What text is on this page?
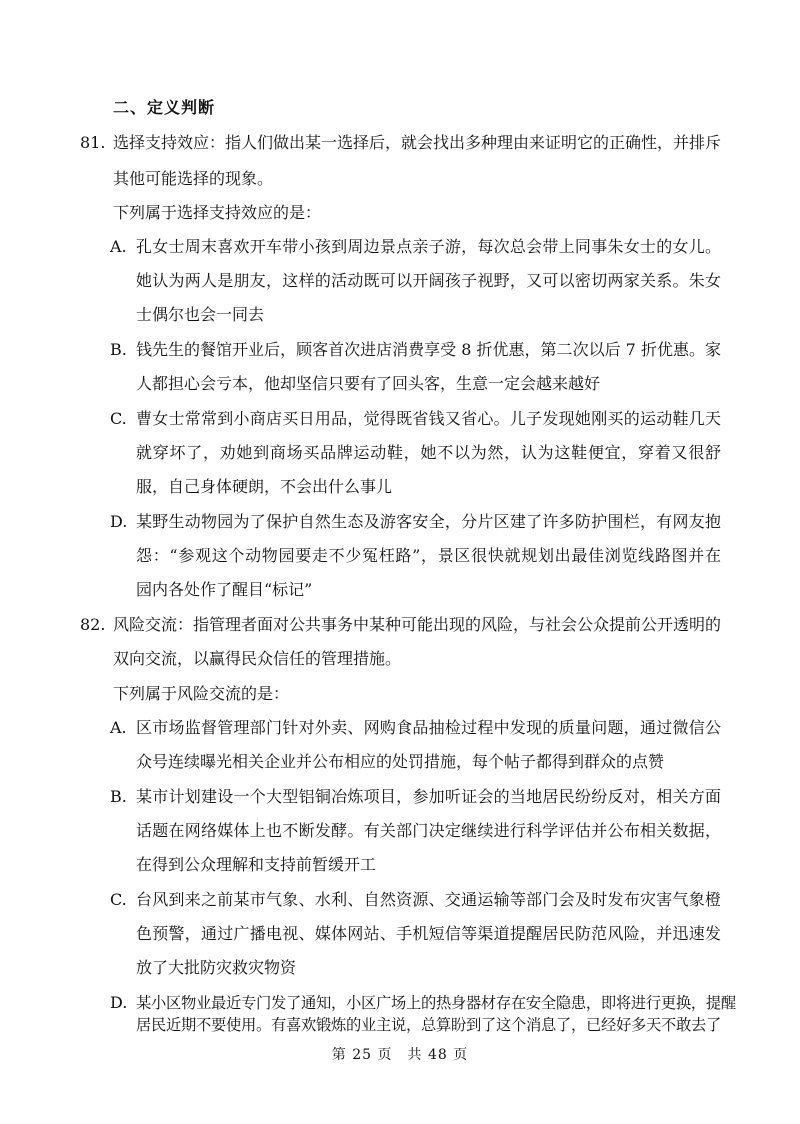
二、定义判断
81. 选择支持效应：指人们做出某一选择后，就会找出多种理由来证明它的正确性，并排斥
其他可能选择的现象。
下列属于选择支持效应的是：
A. 孔女士周末喜欢开车带小孩到周边景点亲子游，每次总会带上同事朱女士的女儿。
她认为两人是朋友，这样的活动既可以开阔孩子视野，又可以密切两家关系。朱女
士偶尔也会一同去
B. 钱先生的餐馆开业后，顾客首次进店消费享受 8 折优惠，第二次以后 7 折优惠。家
人都担心会亏本，他却坚信只要有了回头客，生意一定会越来越好
C. 曹女士常常到小商店买日用品，觉得既省钱又省心。儿子发现她刚买的运动鞋几天
就穿坏了，劝她到商场买品牌运动鞋，她不以为然，认为这鞋便宜，穿着又很舒
服，自己身体硬朗，不会出什么事儿
D. 某野生动物园为了保护自然生态及游客安全，分片区建了许多防护围栏，有网友抱
怨：“参观这个动物园要走不少冤枉路”，景区很快就规划出最佳浏览线路图并在
园内各处作了醒目“标记”
82. 风险交流：指管理者面对公共事务中某种可能出现的风险，与社会公众提前公开透明的
双向交流，以赢得民众信任的管理措施。
下列属于风险交流的是：
A. 区市场监督管理部门针对外卖、网购食品抽检过程中发现的质量问题，通过微信公
众号连续曝光相关企业并公布相应的处罚措施，每个帖子都得到群众的点赞
B. 某市计划建设一个大型铝铜冶炼项目，参加听证会的当地居民纷纷反对，相关方面
话题在网络媒体上也不断发酵。有关部门决定继续进行科学评估并公布相关数据，
在得到公众理解和支持前暂缓开工
C. 台风到来之前某市气象、水利、自然资源、交通运输等部门会及时发布灾害气象橙
色预警，通过广播电视、媒体网站、手机短信等渠道提醒居民防范风险，并迅速发
放了大批防灾救灾物资
D. 某小区物业最近专门发了通知，小区广场上的热身器材存在安全隐患，即将进行更换，提醒
居民近期不要使用。有喜欢锻炼的业主说，总算盼到了这个消息了，已经好多天不敢去了
第 25 页　共 48 页
